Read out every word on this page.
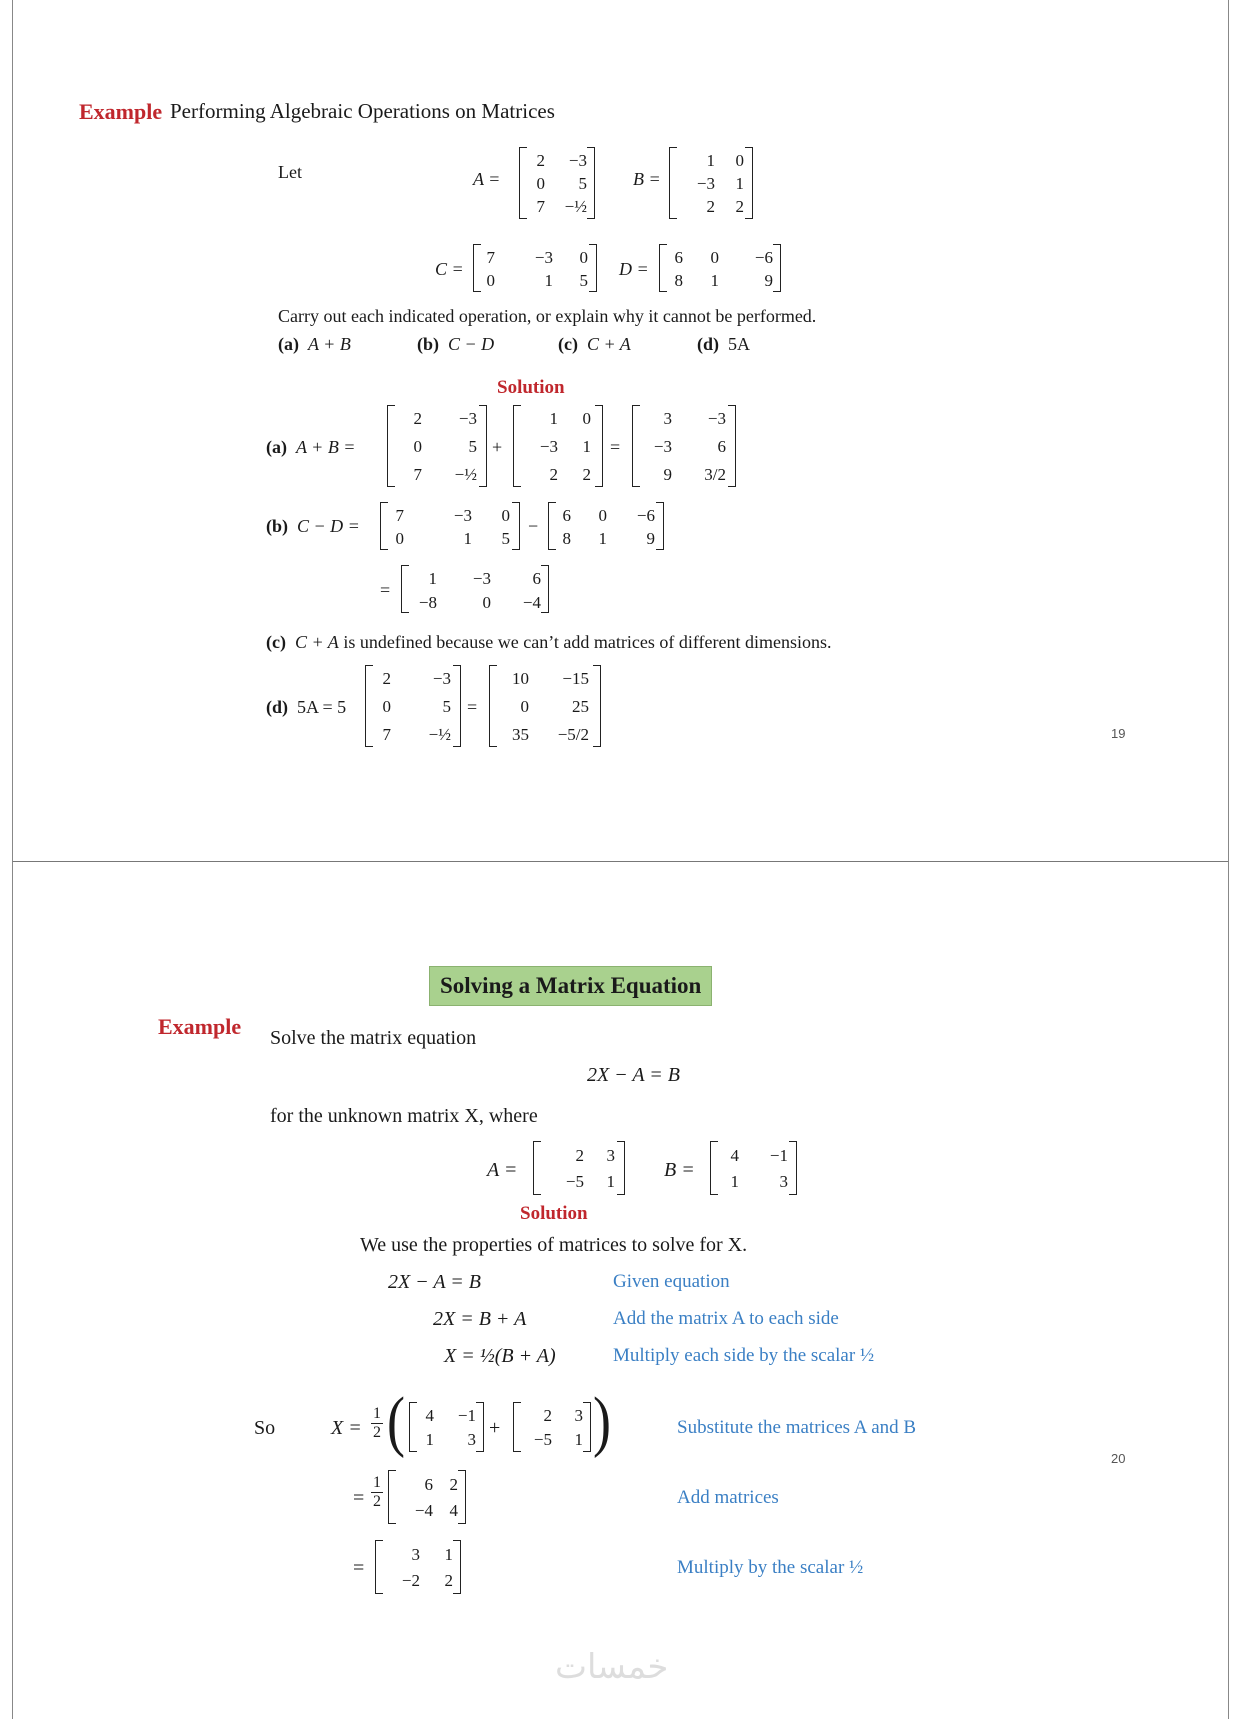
Example Performing Algebraic Operations on Matrices
Let	A =
2 −3
0 5
7 −½
B =
1 0
−3 1
2 2
C =
7 −3 0
0	1 5
D =
6 0 −6
8 1	9
Carry out each indicated operation, or explain why it cannot be performed.
(a) A + B	(b) C − D	(c) C + A	(d) 5A
Solution
(a) A + B =
2 −3
0	5
7 −½
+
1 0
−3 1
2 2
=
3 −3
−3	6
9 3/2
(b) C − D =
7	−3 0
0	1 5
−
6 0 −6
8 1 9
=
1 −3 6
−8	0 −4
(c) C + A is undefined because we can’t add matrices of different dimensions.
(d) 5A = 5
2 −3
0	5
7 −½
=
10 −15
0	25
35 −5/2	19
Solving a Matrix Equation
Example Solve the matrix equation
2X − A = B
for the unknown matrix X, where
A =
2 3
−5 1
B =
4 −1
1 3
Solution
We use the properties of matrices to solve for X.
2X − A = B	Given equation
2X = B + A	Add the matrix A to each side
X = ½(B + A)	Multiply each side by the scalar ½
So	X =
1
2 ( 4 −1
1 3
+
2 3
−5 1 )	Substitute the matrices A and B
=
1
2
6 2
−4 4
Add matrices
=
3 1
−2 2
Multiply by the scalar ½
20
خمسات
